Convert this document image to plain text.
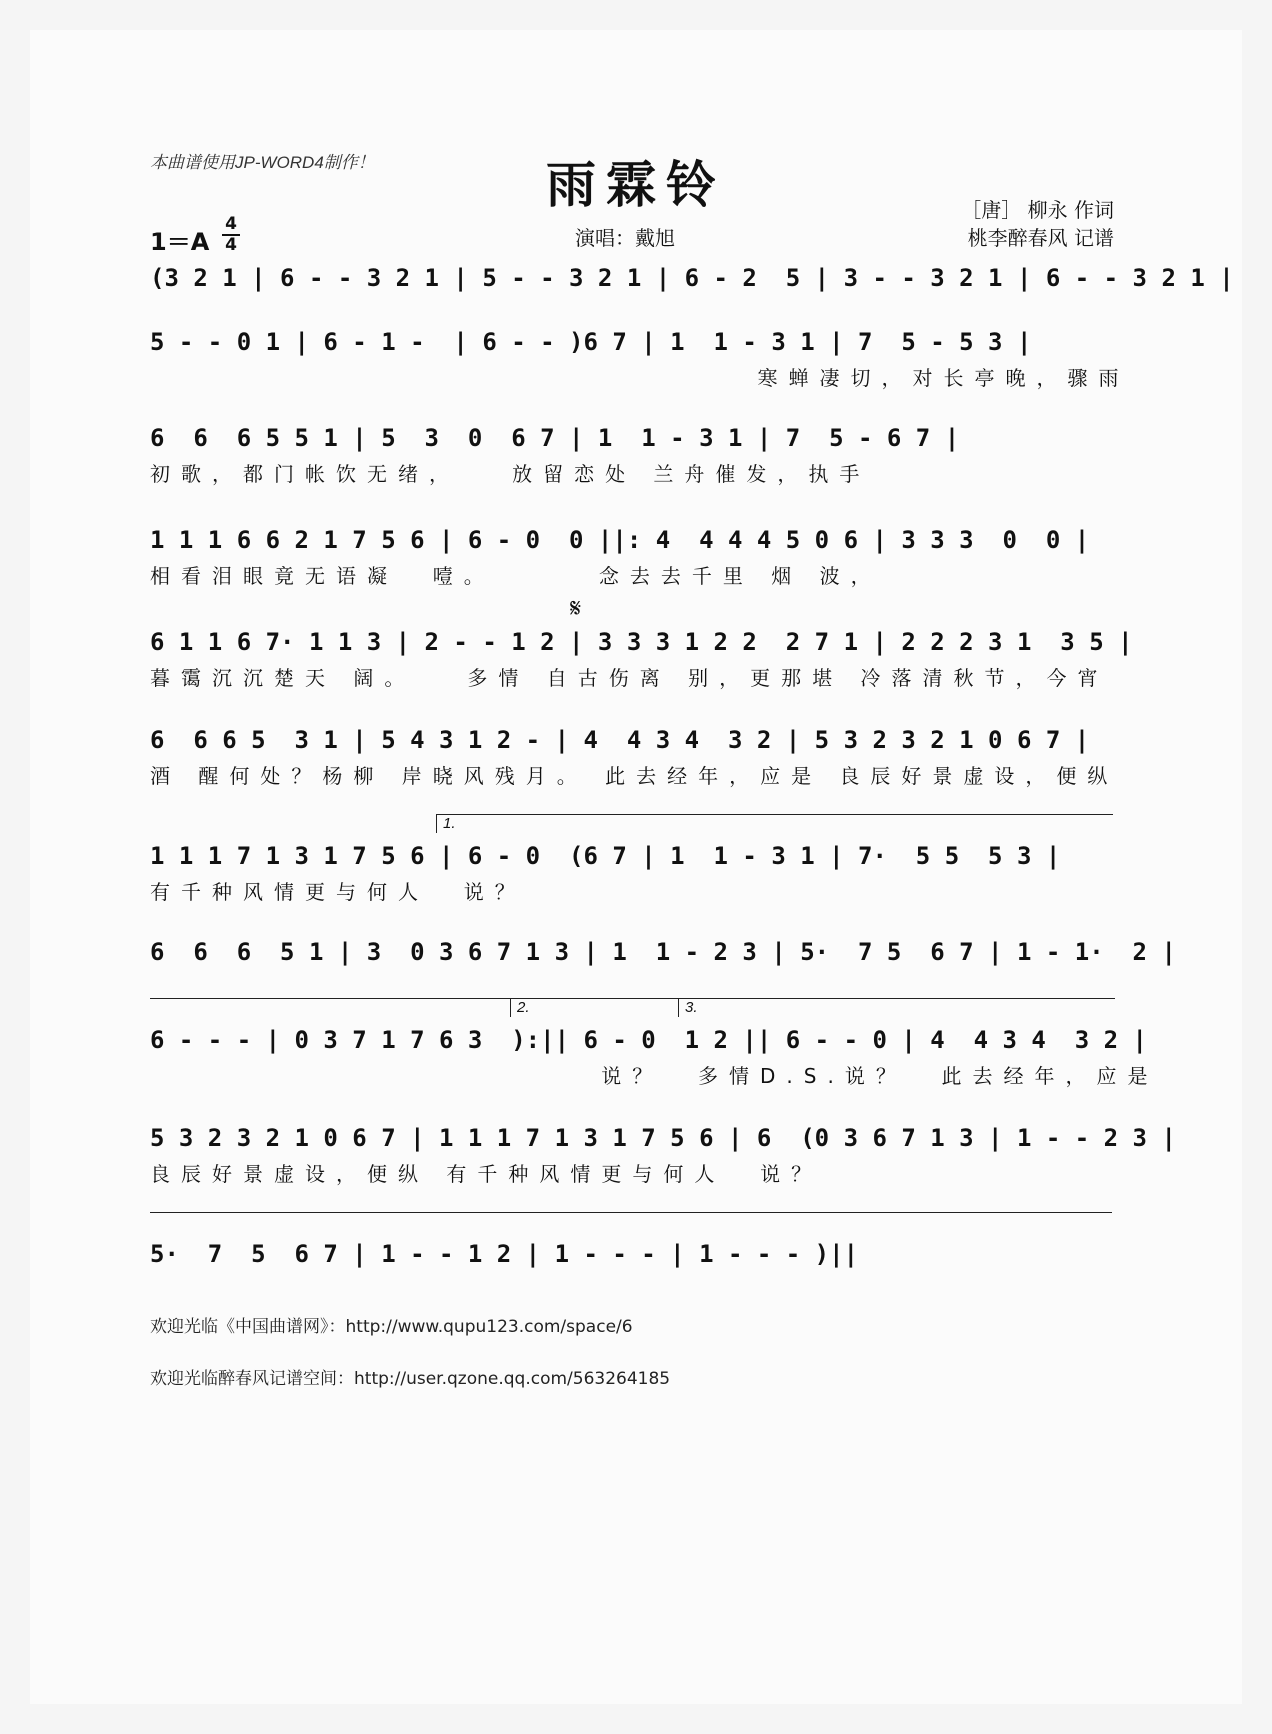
本曲谱使用JP-WORD4制作！	雨霖铃	［唐］ 柳永 作词
演唱：戴旭	桃李醉春风 记谱
1＝A
4
4
(3 2 1 | 6 - - 3 2 1 | 5 - - 3 2 1 | 6 - 2  5 | 3 - - 3 2 1 | 6 - - 3 2 1 |
5 - - 0 1 | 6 - 1 -  | 6 - - )6 7 | 1  1 - 3 1 | 7  5 - 5 3 |
寒蝉凄切，对长亭晚，骤雨
6  6  6 5 5 1 | 5  3  0  6 7 | 1  1 - 3 1 | 7  5 - 6 7 |
初歌，都门帐饮无绪，   放留恋处 兰舟催发，执手
1 1 1 6 6 2 1 7 5 6 | 6 - 0  0 ||: 4  4 4 4 5 0 6 | 3 3 3  0  0 |
相看泪眼竟无语凝  噎。      念去去千里 烟 波，
𝄋
6 1 1 6 7· 1 1 3 | 2 - - 1 2 | 3 3 3 1 2 2  2 7 1 | 2 2 2 3 1  3 5 |
暮霭沉沉楚天 阔。   多情 自古伤离 别，更那堪 冷落清秋节，今宵
6  6 6 5  3 1 | 5 4 3 1 2 - | 4  4 3 4  3 2 | 5 3 2 3 2 1 0 6 7 |
酒 醒何处？杨柳 岸晓风残月。 此去经年，应是 良辰好景虚设，便纵
1.
1 1 1 7 1 3 1 7 5 6 | 6 - 0  (6 7 | 1  1 - 3 1 | 7·  5 5  5 3 |
有千种风情更与何人  说？
6  6  6  5 1 | 3  0 3 6 7 1 3 | 1  1 - 2 3 | 5·  7 5  6 7 | 1 - 1·  2 |
2.	3.
6 - - - | 0 3 7 1 7 6 3  ):|| 6 - 0  1 2 || 6 - - 0 | 4  4 3 4  3 2 |
说？  多情D.S.说？  此去经年，应是
5 3 2 3 2 1 0 6 7 | 1 1 1 7 1 3 1 7 5 6 | 6  (0 3 6 7 1 3 | 1 - - 2 3 |
良辰好景虚设，便纵 有千种风情更与何人  说？
5·  7  5  6 7 | 1 - - 1 2 | 1 - - - | 1 - - - )||
欢迎光临《中国曲谱网》：http://www.qupu123.com/space/6
欢迎光临醉春风记谱空间：http://user.qzone.qq.com/563264185
